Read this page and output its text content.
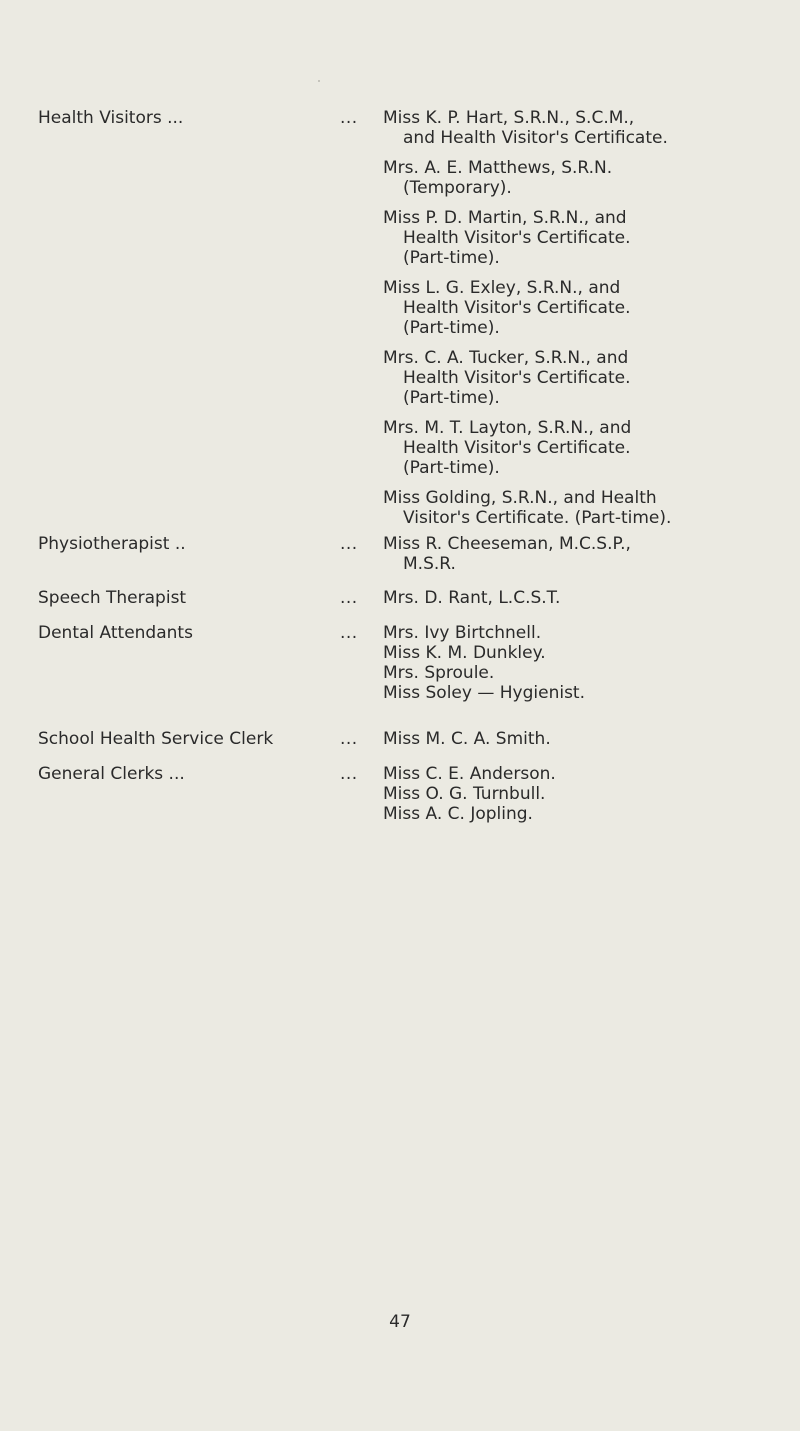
Health Visitors ...	...	Miss K. P. Hart, S.R.N., S.C.M.,
and Health Visitor's Certificate.
Mrs. A. E. Matthews, S.R.N.
(Temporary).
Miss P. D. Martin, S.R.N., and
Health Visitor's Certificate.
(Part-time).
Miss L. G. Exley, S.R.N., and
Health Visitor's Certificate.
(Part-time).
Mrs. C. A. Tucker, S.R.N., and
Health Visitor's Certificate.
(Part-time).
Mrs. M. T. Layton, S.R.N., and
Health Visitor's Certificate.
(Part-time).
Miss Golding, S.R.N., and Health
Visitor's Certificate. (Part-time).
Physiotherapist ..	...	Miss R. Cheeseman, M.C.S.P.,
M.S.R.
Speech Therapist	...	Mrs. D. Rant, L.C.S.T.
Dental Attendants	...	Mrs. Ivy Birtchnell.
Miss K. M. Dunkley.
Mrs. Sproule.
Miss Soley — Hygienist.
School Health Service Clerk	...	Miss M. C. A. Smith.
General Clerks ...	...	Miss C. E. Anderson.
Miss O. G. Turnbull.
Miss A. C. Jopling.
47
